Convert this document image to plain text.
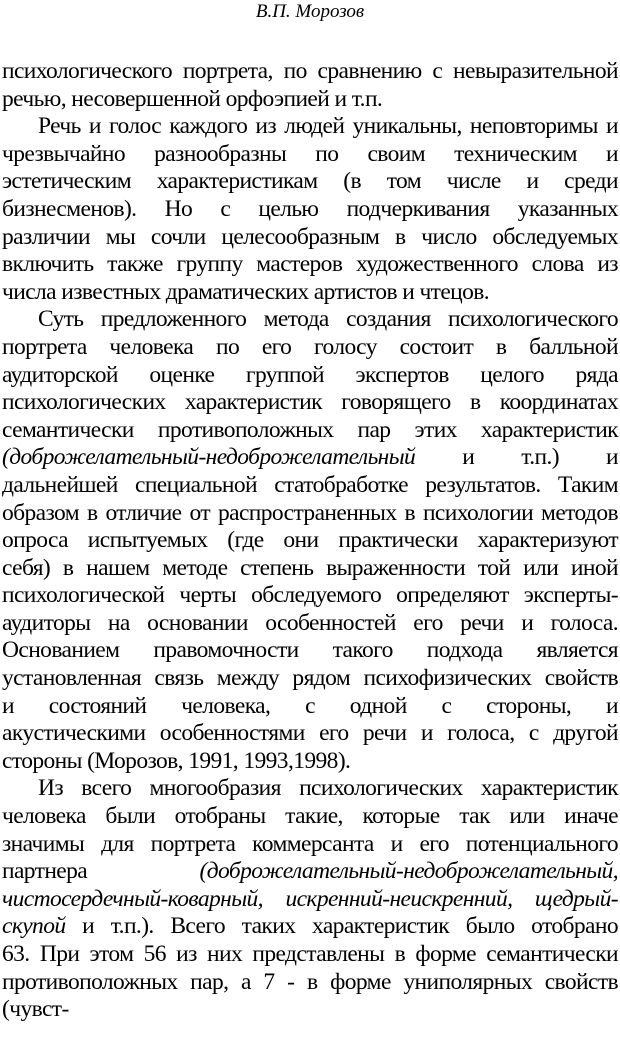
В.П. Морозов
психологического портрета, по сравнению с невыразительной
речью, несовершенной орфоэпией и т.п.
Речь и голос каждого из людей уникальны, неповторимы и
чрезвычайно разнообразны по своим техническим и
эстетическим характеристикам (в том числе и среди
бизнесменов). Но с целью подчеркивания указанных
различии мы сочли целесообразным в число обследуемых
включить также группу мастеров художественного слова из
числа известных драматических артистов и чтецов.
Суть предложенного метода создания психологического
портрета человека по его голосу состоит в балльной
аудиторской оценке группой экспертов целого ряда
психологических характеристик говорящего в координатах
семантически противоположных пар этих характеристик
(доброжелательный-недоброжелательный и т.п.) и
дальнейшей специальной статобработке результатов. Таким
образом в отличие от распространенных в психологии методов
опроса испытуемых (где они практически характеризуют
себя) в нашем методе степень выраженности той или иной
психологической черты обследуемого определяют эксперты-
аудиторы на основании особенностей его речи и голоса.
Основанием правомочности такого подхода является
установленная связь между рядом психофизических свойств
и состояний человека, с одной с стороны, и
акустическими особенностями его речи и голоса, с другой
стороны (Морозов, 1991, 1993,1998).
Из всего многообразия психологических характеристик
человека были отобраны такие, которые так или иначе
значимы для портрета коммерсанта и его потенциального
партнера (доброжелательный-недоброжелательный,
чистосердечный-коварный, искренний-неискренний, щедрый-
скупой и т.п.). Всего таких характеристик было отобрано
63. При этом 56 из них представлены в форме семантически
противоположных пар, а 7 - в форме униполярных свойств
(чувст-
